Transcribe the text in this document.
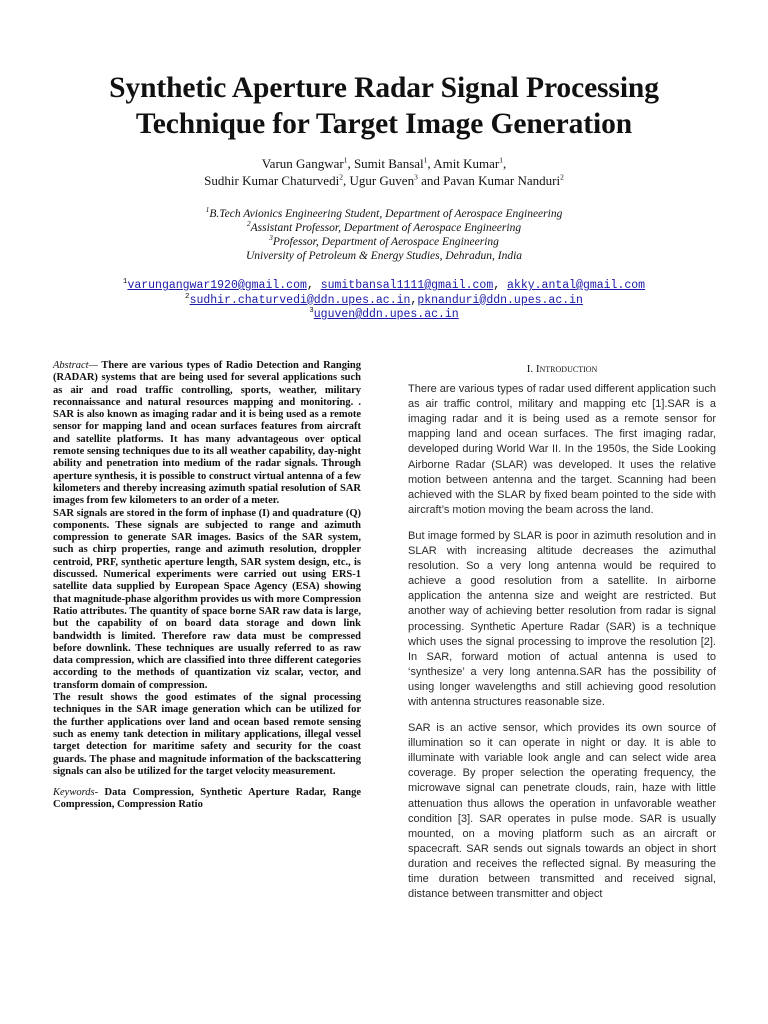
Synthetic Aperture Radar Signal Processing
Technique for Target Image Generation
Varun Gangwar$^1$, Sumit Bansal$^1$, Amit Kumar$^1$,
Sudhir Kumar Chaturvedi$^2$, Ugur Guven$^3$ and Pavan Kumar Nanduri$^2$
$^1$B.Tech Avionics Engineering Student, Department of Aerospace Engineering
$^2$Assistant Professor, Department of Aerospace Engineering
$^3$Professor, Department of Aerospace Engineering
University of Petroleum & Energy Studies, Dehradun, India
$^1$varungangwar1920@gmail.com, sumitbansal1111@gmail.com, akky.antal@gmail.com
$^2$sudhir.chaturvedi@ddn.upes.ac.in,pknanduri@ddn.upes.ac.in
$^3$uguven@ddn.upes.ac.in

Abstract— There are various types of Radio Detection and Ranging (RADAR) systems that are being used for several applications such as air and road traffic controlling, sports, weather, military reconnaissance and natural resources mapping and monitoring. . SAR is also known as imaging radar and it is being used as a remote sensor for mapping land and ocean surfaces features from aircraft and satellite platforms. It has many advantageous over optical remote sensing techniques due to its all weather capability, day-night ability and penetration into medium of the radar signals. Through aperture synthesis, it is possible to construct virtual antenna of a few kilometers and thereby increasing azimuth spatial resolution of SAR images from few kilometers to an order of a meter.

SAR signals are stored in the form of inphase (I) and quadrature (Q) components. These signals are subjected to range and azimuth compression to generate SAR images. Basics of the SAR system, such as chirp properties, range and azimuth resolution, droppler centroid, PRF, synthetic aperture length, SAR system design, etc., is discussed. Numerical experiments were carried out using ERS-1 satellite data supplied by European Space Agency (ESA) showing that magnitude-phase algorithm provides us with more Compression Ratio attributes. The quantity of space borne SAR raw data is large, but the capability of on board data storage and down link bandwidth is limited. Therefore raw data must be compressed before downlink. These techniques are usually referred to as raw data compression, which are classified into three different categories according to the methods of quantization viz scalar, vector, and transform domain of compression.

The result shows the good estimates of the signal processing techniques in the SAR image generation which can be utilized for the further applications over land and ocean based remote sensing such as enemy tank detection in military applications, illegal vessel target detection for maritime safety and security for the coast guards. The phase and magnitude information of the backscattering signals can also be utilized for the target velocity measurement.

Keywords- Data Compression, Synthetic Aperture Radar, Range Compression, Compression Ratio

I. Introduction

There are various types of radar used different application such as air traffic control, military and mapping etc [1].SAR is a imaging radar and it is being used as a remote sensor for mapping land and ocean surfaces. The first imaging radar, developed during World War II. In the 1950s, the Side Looking Airborne Radar (SLAR) was developed. It uses the relative motion between antenna and the target. Scanning had been achieved with the SLAR by fixed beam pointed to the side with aircraft’s motion moving the beam across the land.

But image formed by SLAR is poor in azimuth resolution and in SLAR with increasing altitude decreases the azimuthal resolution. So a very long antenna would be required to achieve a good resolution from a satellite. In airborne application the antenna size and weight are restricted. But another way of achieving better resolution from radar is signal processing. Synthetic Aperture Radar (SAR) is a technique which uses the signal processing to improve the resolution [2]. In SAR, forward motion of actual antenna is used to ‘synthesize’ a very long antenna.SAR has the possibility of using longer wavelengths and still achieving good resolution with antenna structures reasonable size.

SAR is an active sensor, which provides its own source of illumination so it can operate in night or day. It is able to illuminate with variable look angle and can select wide area coverage. By proper selection the operating frequency, the microwave signal can penetrate clouds, rain, haze with little attenuation thus allows the operation in unfavorable weather condition [3]. SAR operates in pulse mode. SAR is usually mounted, on a moving platform such as an aircraft or spacecraft. SAR sends out signals towards an object in short duration and receives the reflected signal. By measuring the time duration between transmitted and received signal, distance between transmitter and object
